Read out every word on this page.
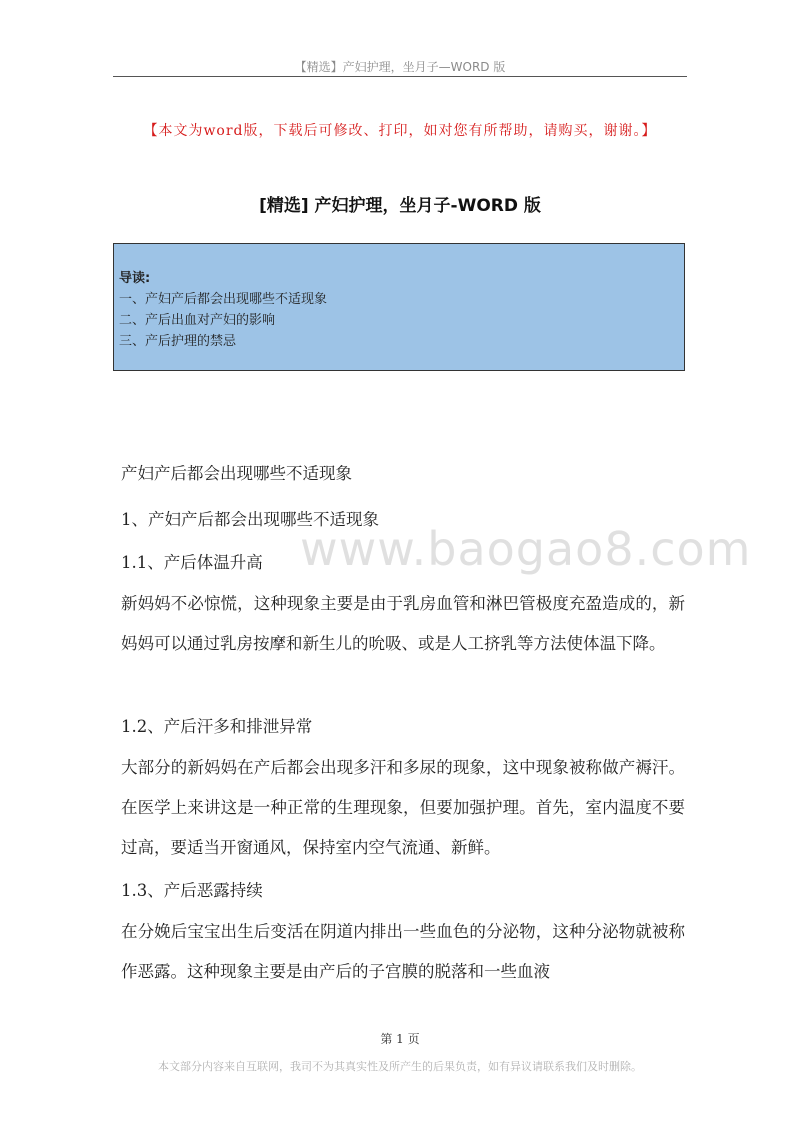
【精选】产妇护理，坐月子—WORD 版
【本文为word版，下载后可修改、打印，如对您有所帮助，请购买，谢谢。】
[精选] 产妇护理，坐月子-WORD 版
导读:
一、产妇产后都会出现哪些不适现象
二、产后出血对产妇的影响
三、产后护理的禁忌
www.baogao8.com
产妇产后都会出现哪些不适现象
1、产妇产后都会出现哪些不适现象
1.1、产后体温升高
新妈妈不必惊慌，这种现象主要是由于乳房血管和淋巴管极度充盈造成的，新妈妈可以通过乳房按摩和新生儿的吮吸、或是人工挤乳等方法使体温下降。
1.2、产后汗多和排泄异常
大部分的新妈妈在产后都会出现多汗和多尿的现象，这中现象被称做产褥汗。在医学上来讲这是一种正常的生理现象，但要加强护理。首先，室内温度不要过高，要适当开窗通风，保持室内空气流通、新鲜。
1.3、产后恶露持续
在分娩后宝宝出生后变活在阴道内排出一些血色的分泌物，这种分泌物就被称作恶露。这种现象主要是由产后的子宫膜的脱落和一些血液
第 1 页
本文部分内容来自互联网，我司不为其真实性及所产生的后果负责，如有异议请联系我们及时删除。
